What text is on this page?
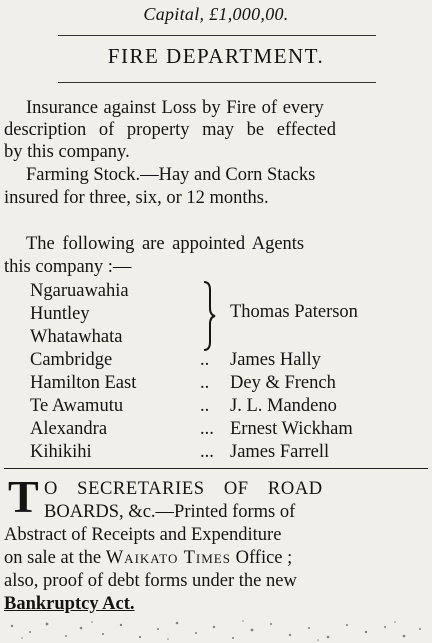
Capital, £1,000,00.
FIRE DEPARTMENT.
Insurance against Loss by Fire of every
description of property may be effected
by this company.
Farming Stock.—Hay and Corn Stacks
insured for three, six, or 12 months.
The following are appointed Agents
this company :—
Ngaruawahia
Huntley
Whatawhata
Thomas Paterson
Cambridge	.. James Hally
Hamilton East	.. Dey & French
Te Awamutu	.. J. L. Mandeno
Alexandra	... Ernest Wickham
Kihikihi	... James Farrell
T O SECRETARIES OF ROAD
BOARDS, &c.—Printed forms of
Abstract of Receipts and Expenditure
on sale at the Waikato Times Office ;
also, proof of debt forms under the new
Bankruptcy Act.
